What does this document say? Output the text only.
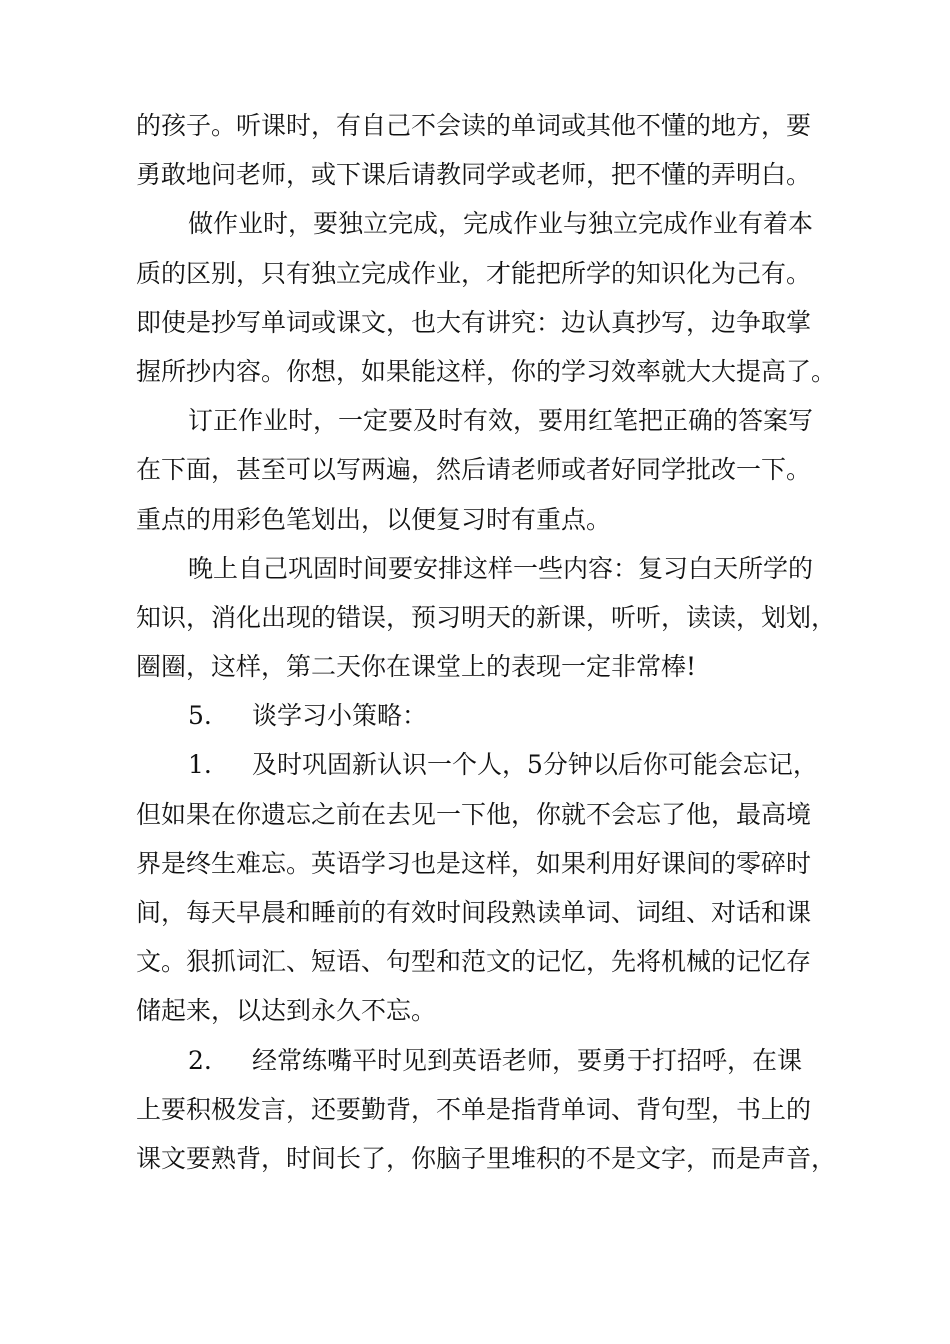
的孩子。听课时，有自己不会读的单词或其他不懂的地方，要
勇敢地问老师，或下课后请教同学或老师，把不懂的弄明白。
做作业时，要独立完成，完成作业与独立完成作业有着本
质的区别，只有独立完成作业，才能把所学的知识化为己有。
即使是抄写单词或课文，也大有讲究：边认真抄写，边争取掌
握所抄内容。你想，如果能这样，你的学习效率就大大提高了。
订正作业时，一定要及时有效，要用红笔把正确的答案写
在下面，甚至可以写两遍，然后请老师或者好同学批改一下。
重点的用彩色笔划出，以便复习时有重点。
晚上自己巩固时间要安排这样一些内容：复习白天所学的
知识，消化出现的错误，预习明天的新课，听听，读读，划划，
圈圈，这样，第二天你在课堂上的表现一定非常棒!
5. 谈学习小策略：
1. 及时巩固新认识一个人，5分钟以后你可能会忘记，
但如果在你遗忘之前在去见一下他，你就不会忘了他，最高境
界是终生难忘。英语学习也是这样，如果利用好课间的零碎时
间，每天早晨和睡前的有效时间段熟读单词、词组、对话和课
文。狠抓词汇、短语、句型和范文的记忆，先将机械的记忆存
储起来，以达到永久不忘。
2. 经常练嘴平时见到英语老师，要勇于打招呼，在课
上要积极发言，还要勤背，不单是指背单词、背句型，书上的
课文要熟背，时间长了，你脑子里堆积的不是文字，而是声音，
